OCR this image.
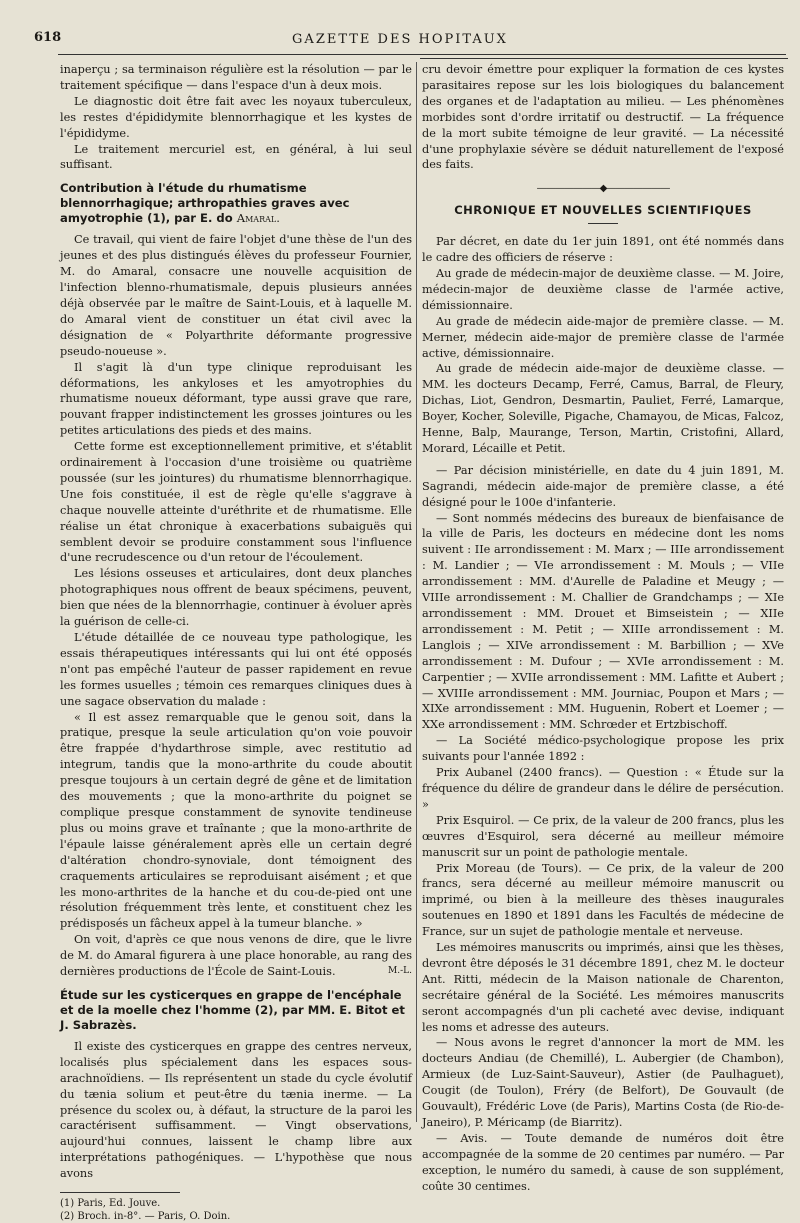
618	GAZETTE DES HOPITAUX

inaperçu ; sa terminaison régulière est la résolution — par le traitement spécifique — dans l'espace d'un à deux mois.

Le diagnostic doit être fait avec les noyaux tuberculeux, les restes d'épididymite blennorrhagique et les kystes de l'épididyme.

Le traitement mercuriel est, en général, à lui seul suffisant.

Contribution à l'étude du rhumatisme blennorrhagique; arthropathies graves avec amyotrophie (1), par E. do Amaral.

Ce travail, qui vient de faire l'objet d'une thèse de l'un des jeunes et des plus distingués élèves du professeur Fournier, M. do Amaral, consacre une nouvelle acquisition de l'infection blenno-rhumatismale, depuis plusieurs années déjà observée par le maître de Saint-Louis, et à laquelle M. do Amaral vient de constituer un état civil avec la désignation de « Polyarthrite déformante progressive pseudo-noueuse ».

Il s'agit là d'un type clinique reproduisant les déformations, les ankyloses et les amyotrophies du rhumatisme noueux déformant, type aussi grave que rare, pouvant frapper indistinctement les grosses jointures ou les petites articulations des pieds et des mains.

Cette forme est exceptionnellement primitive, et s'établit ordinairement à l'occasion d'une troisième ou quatrième poussée (sur les jointures) du rhumatisme blennorrhagique. Une fois constituée, il est de règle qu'elle s'aggrave à chaque nouvelle atteinte d'uréthrite et de rhumatisme. Elle réalise un état chronique à exacerbations subaiguës qui semblent devoir se produire constamment sous l'influence d'une recrudescence ou d'un retour de l'écoulement.

Les lésions osseuses et articulaires, dont deux planches photographiques nous offrent de beaux spécimens, peuvent, bien que nées de la blennorrhagie, continuer à évoluer après la guérison de celle-ci.

L'étude détaillée de ce nouveau type pathologique, les essais thérapeutiques intéressants qui lui ont été opposés n'ont pas empêché l'auteur de passer rapidement en revue les formes usuelles ; témoin ces remarques cliniques dues à une sagace observation du malade :

« Il est assez remarquable que le genou soit, dans la pratique, presque la seule articulation qu'on voie pouvoir être frappée d'hydarthrose simple, avec restitutio ad integrum, tandis que la mono-arthrite du coude aboutit presque toujours à un certain degré de gêne et de limitation des mouvements ; que la mono-arthrite du poignet se complique presque constamment de synovite tendineuse plus ou moins grave et traînante ; que la mono-arthrite de l'épaule laisse généralement après elle un certain degré d'altération chondro-synoviale, dont témoignent des craquements articulaires se reproduisant aisément ; et que les mono-arthrites de la hanche et du cou-de-pied ont une résolution fréquemment très lente, et constituent chez les prédisposés un fâcheux appel à la tumeur blanche. »

On voit, d'après ce que nous venons de dire, que le livre de M. do Amaral figurera à une place honorable, au rang des dernières productions de l'École de Saint-Louis.	M.-L.

Étude sur les cysticerques en grappe de l'encéphale et de la moelle chez l'homme (2), par MM. E. Bitot et J. Sabrazès.

Il existe des cysticerques en grappe des centres nerveux, localisés plus spécialement dans les espaces sous-arachnoïdiens. — Ils représentent un stade du cycle évolutif du tænia solium et peut-être du tænia inerme. — La présence du scolex ou, à défaut, la structure de la paroi les caractérisent suffisamment. — Vingt observations, aujourd'hui connues, laissent le champ libre aux interprétations pathogéniques. — L'hypothèse que nous avons

(1) Paris, Ed. Jouve.

(2) Broch. in-8°. — Paris, O. Doin.

cru devoir émettre pour expliquer la formation de ces kystes parasitaires repose sur les lois biologiques du balancement des organes et de l'adaptation au milieu. — Les phénomènes morbides sont d'ordre irritatif ou destructif. — La fréquence de la mort subite témoigne de leur gravité. — La nécessité d'une prophylaxie sévère se déduit naturellement de l'exposé des faits.

———————◆———————
CHRONIQUE ET NOUVELLES SCIENTIFIQUES

Par décret, en date du 1er juin 1891, ont été nommés dans le cadre des officiers de réserve :

Au grade de médecin-major de deuxième classe. — M. Joire, médecin-major de deuxième classe de l'armée active, démissionnaire.

Au grade de médecin aide-major de première classe. — M. Merner, médecin aide-major de première classe de l'armée active, démissionnaire.

Au grade de médecin aide-major de deuxième classe. — MM. les docteurs Decamp, Ferré, Camus, Barral, de Fleury, Dichas, Liot, Gendron, Desmartin, Pauliet, Ferré, Lamarque, Boyer, Kocher, Soleville, Pigache, Chamayou, de Micas, Falcoz, Henne, Balp, Maurange, Terson, Martin, Cristofini, Allard, Morard, Lécaille et Petit.

— Par décision ministérielle, en date du 4 juin 1891, M. Sagrandi, médecin aide-major de première classe, a été désigné pour le 100e d'infanterie.

— Sont nommés médecins des bureaux de bienfaisance de la ville de Paris, les docteurs en médecine dont les noms suivent : IIe arrondissement : M. Marx ; — IIIe arrondissement : M. Landier ; — VIe arrondissement : M. Mouls ; — VIIe arrondissement : MM. d'Aurelle de Paladine et Meugy ; — VIIIe arrondissement : M. Challier de Grandchamps ; — XIe arrondissement : MM. Drouet et Bimseistein ; — XIIe arrondissement : M. Petit ; — XIIIe arrondissement : M. Langlois ; — XIVe arrondissement : M. Barbillion ; — XVe arrondissement : M. Dufour ; — XVIe arrondissement : M. Carpentier ; — XVIIe arrondissement : MM. Lafitte et Aubert ; — XVIIIe arrondissement : MM. Journiac, Poupon et Mars ; — XIXe arrondissement : MM. Huguenin, Robert et Loemer ; — XXe arrondissement : MM. Schrœder et Ertzbischoff.

— La Société médico-psychologique propose les prix suivants pour l'année 1892 :

Prix Aubanel (2400 francs). — Question : « Étude sur la fréquence du délire de grandeur dans le délire de persécution. »

Prix Esquirol. — Ce prix, de la valeur de 200 francs, plus les œuvres d'Esquirol, sera décerné au meilleur mémoire manuscrit sur un point de pathologie mentale.

Prix Moreau (de Tours). — Ce prix, de la valeur de 200 francs, sera décerné au meilleur mémoire manuscrit ou imprimé, ou bien à la meilleure des thèses inaugurales soutenues en 1890 et 1891 dans les Facultés de médecine de France, sur un sujet de pathologie mentale et nerveuse.

Les mémoires manuscrits ou imprimés, ainsi que les thèses, devront être déposés le 31 décembre 1891, chez M. le docteur Ant. Ritti, médecin de la Maison nationale de Charenton, secrétaire général de la Société. Les mémoires manuscrits seront accompagnés d'un pli cacheté avec devise, indiquant les noms et adresse des auteurs.

— Nous avons le regret d'annoncer la mort de MM. les docteurs Andiau (de Chemillé), L. Aubergier (de Chambon), Armieux (de Luz-Saint-Sauveur), Astier (de Paulhaguet), Cougit (de Toulon), Fréry (de Belfort), De Gouvault (de Gouvault), Frédéric Love (de Paris), Martins Costa (de Rio-de-Janeiro), P. Méricamp (de Biarritz).

— Avis. — Toute demande de numéros doit être accompagnée de la somme de 20 centimes par numéro. — Par exception, le numéro du samedi, à cause de son supplément, coûte 30 centimes.
